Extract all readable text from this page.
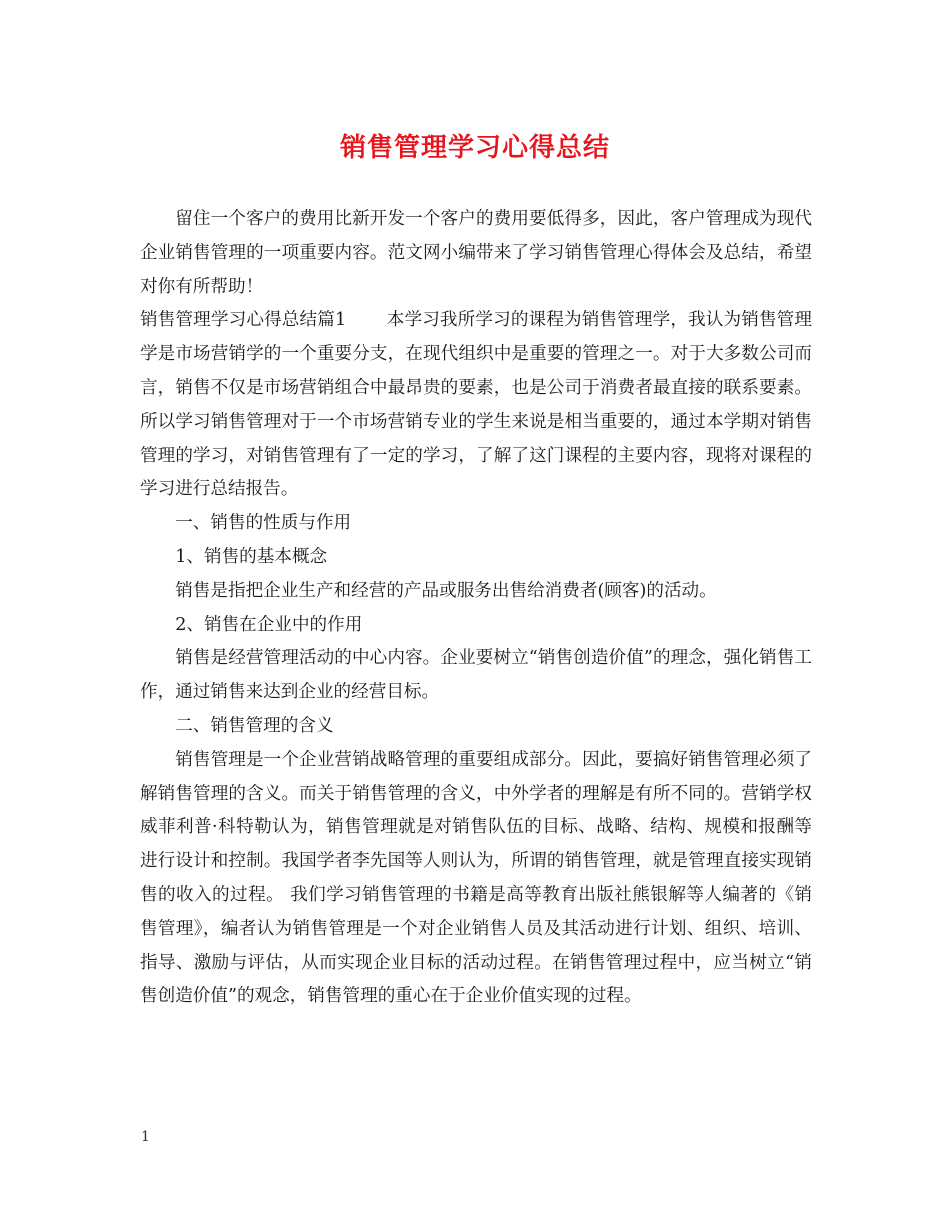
销售管理学习心得总结

留住一个客户的费用比新开发一个客户的费用要低得多，因此，客户管理成为现代企业销售管理的一项重要内容。范文网小编带来了学习销售管理心得体会及总结，希望对你有所帮助！

销售管理学习心得总结篇1 本学习我所学习的课程为销售管理学，我认为销售管理学是市场营销学的一个重要分支，在现代组织中是重要的管理之一。对于大多数公司而言，销售不仅是市场营销组合中最昂贵的要素，也是公司于消费者最直接的联系要素。所以学习销售管理对于一个市场营销专业的学生来说是相当重要的，通过本学期对销售管理的学习，对销售管理有了一定的学习，了解了这门课程的主要内容，现将对课程的学习进行总结报告。

一、销售的性质与作用

1、销售的基本概念

销售是指把企业生产和经营的产品或服务出售给消费者(顾客)的活动。

2、销售在企业中的作用

销售是经营管理活动的中心内容。企业要树立“销售创造价值”的理念，强化销售工作，通过销售来达到企业的经营目标。

二、销售管理的含义

销售管理是一个企业营销战略管理的重要组成部分。因此，要搞好销售管理必须了解销售管理的含义。而关于销售管理的含义，中外学者的理解是有所不同的。营销学权威菲利普·科特勒认为，销售管理就是对销售队伍的目标、战略、结构、规模和报酬等进行设计和控制。我国学者李先国等人则认为，所谓的销售管理，就是管理直接实现销售的收入的过程。 我们学习销售管理的书籍是高等教育出版社熊银解等人编著的《销售管理》，编者认为销售管理是一个对企业销售人员及其活动进行计划、组织、培训、指导、激励与评估，从而实现企业目标的活动过程。在销售管理过程中，应当树立“销售创造价值”的观念，销售管理的重心在于企业价值实现的过程。

1
